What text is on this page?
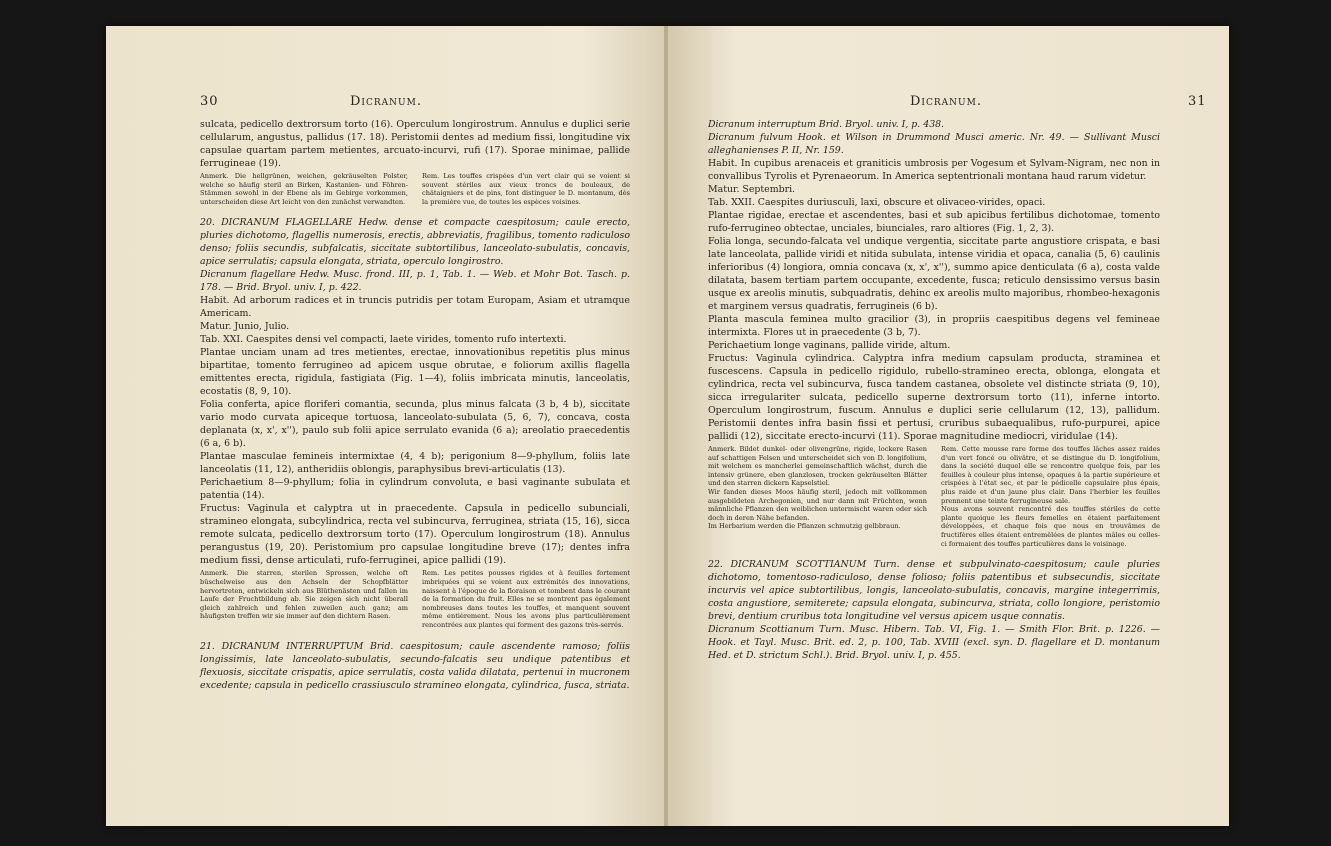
30	Dicranum.

sulcata, pedicello dextrorsum torto (16). Operculum longirostrum. Annulus e duplici serie cellularum, angustus, pallidus (17. 18). Peristomii dentes ad medium fissi, longitudine vix capsulae quartam partem metientes, arcuato-incurvi, rufi (17). Sporae minimae, pallide ferrugineae (19).

Anmerk. Die hellgrünen, weichen, gekräuselten Polster, welche so häufig steril an Birken, Kastanien- und Föhren-Stämmen sowohl in der Ebene als im Gebirge vorkommen, unterscheiden diese Art leicht von den zunächst verwandten.
Rem. Les touffes crispées d'un vert clair qui se voient si souvent stériles aux vieux troncs de bouleaux, de châtaigniers et de pins, font distinguer le D. montanum, dès la première vue, de toutes les espèces voisines.

20. DICRANUM FLAGELLARE Hedw. dense et compacte caespitosum; caule erecto, pluries dichotomo, flagellis numerosis, erectis, abbreviatis, fragilibus, tomento radiculoso denso; foliis secundis, subfalcatis, siccitate subtortilibus, lanceolato-subulatis, concavis, apice serrulatis; capsula elongata, striata, operculo longirostro.

Dicranum flagellare Hedw. Musc. frond. III, p. 1, Tab. 1. — Web. et Mohr Bot. Tasch. p. 178. — Brid. Bryol. univ. I, p. 422.

Habit. Ad arborum radices et in truncis putridis per totam Europam, Asiam et utramque Americam.

Matur. Junio, Julio.

Tab. XXI. Caespites densi vel compacti, laete virides, tomento rufo intertexti.

Plantae unciam unam ad tres metientes, erectae, innovationibus repetitis plus minus bipartitae, tomento ferrugineo ad apicem usque obrutae, e foliorum axillis flagella emittentes erecta, rigidula, fastigiata (Fig. 1—4), foliis imbricata minutis, lanceolatis, ecostatis (8, 9, 10).

Folia conferta, apice floriferi comantia, secunda, plus minus falcata (3 b, 4 b), siccitate vario modo curvata apiceque tortuosa, lanceolato-subulata (5, 6, 7), concava, costa deplanata (x, x', x''), paulo sub folii apice serrulato evanida (6 a); areolatio praecedentis (6 a, 6 b).

Plantae masculae femineis intermixtae (4, 4 b); perigonium 8—9-phyllum, foliis late lanceolatis (11, 12), antheridiis oblongis, paraphysibus brevi-articulatis (13).

Perichaetium 8—9-phyllum; folia in cylindrum convoluta, e basi vaginante subulata et patentia (14).

Fructus: Vaginula et calyptra ut in praecedente. Capsula in pedicello subunciali, stramineo elongata, subcylindrica, recta vel subincurva, ferruginea, striata (15, 16), sicca remote sulcata, pedicello dextrorsum torto (17). Operculum longirostrum (18). Annulus perangustus (19, 20). Peristomium pro capsulae longitudine breve (17); dentes infra medium fissi, dense articulati, rufo-ferruginei, apice pallidi (19).

Anmerk. Die starren, sterilen Sprossen, welche oft büschelweise aus den Achseln der Schopfblätter hervortreten, entwickeln sich aus Blüthenästen und fallen im Laufe der Fruchtbildung ab. Sie zeigen sich nicht überall gleich zahlreich und fehlen zuweilen auch ganz; am häufigsten treffen wir sie immer auf den dichtern Rasen.
Rem. Les petites pousses rigides et à feuilles fortement imbriquées qui se voient aux extrémités des innovations, naissent à l'époque de la floraison et tombent dans le courant de la formation du fruit. Elles ne se montrent pas également nombreuses dans toutes les touffes, et manquent souvent même entièrement. Nous les avons plus particulièrement rencontrées aux plantes qui forment des gazons très-serrés.

21. DICRANUM INTERRUPTUM Brid. caespitosum; caule ascendente ramoso; foliis longissimis, late lanceolato-subulatis, secundo-falcatis seu undique patentibus et flexuosis, siccitate crispatis, apice serrulatis, costa valida dilatata, pertenui in mucronem excedente; capsula in pedicello crassiusculo stramineo elongata, cylindrica, fusca, striata.

Dicranum.	31

Dicranum interruptum Brid. Bryol. univ. I, p. 438.

Dicranum fulvum Hook. et Wilson in Drummond Musci americ. Nr. 49. — Sullivant Musci alleghanienses P. II, Nr. 159.

Habit. In cupibus arenaceis et graniticis umbrosis per Vogesum et Sylvam-Nigram, nec non in convallibus Tyrolis et Pyrenaeorum. In America septentrionali montana haud rarum videtur.

Matur. Septembri.

Tab. XXII. Caespites duriusculi, laxi, obscure et olivaceo-virides, opaci.

Plantae rigidae, erectae et ascendentes, basi et sub apicibus fertilibus dichotomae, tomento rufo-ferrugineo obtectae, unciales, biunciales, raro altiores (Fig. 1, 2, 3).

Folia longa, secundo-falcata vel undique vergentia, siccitate parte angustiore crispata, e basi late lanceolata, pallide viridi et nitida subulata, intense viridia et opaca, canalia (5, 6) caulinis inferioribus (4) longiora, omnia concava (x, x', x''), summo apice denticulata (6 a), costa valde dilatata, basem tertiam partem occupante, excedente, fusca; reticulo densissimo versus basin usque ex areolis minutis, subquadratis, dehinc ex areolis multo majoribus, rhombeo-hexagonis et marginem versus quadratis, ferrugineis (6 b).

Planta mascula feminea multo gracilior (3), in propriis caespitibus degens vel femineae intermixta. Flores ut in praecedente (3 b, 7).

Perichaetium longe vaginans, pallide viride, altum.

Fructus: Vaginula cylindrica. Calyptra infra medium capsulam producta, straminea et fuscescens. Capsula in pedicello rigidulo, rubello-stramineo erecta, oblonga, elongata et cylindrica, recta vel subincurva, fusca tandem castanea, obsolete vel distincte striata (9, 10), sicca irregulariter sulcata, pedicello superne dextrorsum torto (11), inferne intorto. Operculum longirostrum, fuscum. Annulus e duplici serie cellularum (12, 13), pallidum. Peristomii dentes infra basin fissi et pertusi, cruribus subaequalibus, rufo-purpurei, apice pallidi (12), siccitate erecto-incurvi (11). Sporae magnitudine mediocri, viridulae (14).

Anmerk. Bildet dunkel- oder olivengrüne, rigide, lockere Rasen auf schattigen Felsen und unterscheidet sich von D. longifolium, mit welchem es mancherlei gemeinschaftlich wächst, durch die intensiv grünere, eben glanzlosen, trocken gekräuselten Blätter und den starren dickern Kapselstiel.
Wir fanden dieses Moos häufig steril, jedoch mit vollkommen ausgebildeten Archegonien, und nur dann mit Früchten, wenn männliche Pflanzen den weiblichen untermischt waren oder sich doch in deren Nähe befanden.
Im Herbarium werden die Pflanzen schmutzig gelbbraun.
Rem. Cette mousse rare forme des touffes lâches assez raides d'un vert foncé ou olivâtre, et se distingue du D. longifolium, dans la société duquel elle se rencontre quelque fois, par les feuilles à couleur plus intense, opaques à la partie supérieure et crispées à l'état sec, et par le pédicelle capsulaire plus épais, plus raide et d'un jaune plus clair. Dans l'herbier les feuilles prennent une teinte ferrugineuse sale.
Nous avons souvent rencontré des touffes stériles de cette plante quoique les fleurs femelles en étaient parfaitement développées, et chaque fois que nous en trouvâmes de fructifères elles étaient entremêlées de plantes mâles ou celles-ci formaient des touffes particulières dans le voisinage.

22. DICRANUM SCOTTIANUM Turn. dense et subpulvinato-caespitosum; caule pluries dichotomo, tomentoso-radiculoso, dense folioso; foliis patentibus et subsecundis, siccitate incurvis vel apice subtortilibus, longis, lanceolato-subulatis, concavis, margine integerrimis, costa angustiore, semiterete; capsula elongata, subincurva, striata, collo longiore, peristomio brevi, dentium cruribus tota longitudine vel versus apicem usque connatis.

Dicranum Scottianum Turn. Musc. Hibern. Tab. VI, Fig. 1. — Smith Flor. Brit. p. 1226. — Hook. et Tayl. Musc. Brit. ed. 2, p. 100, Tab. XVIII (excl. syn. D. flagellare et D. montanum Hed. et D. strictum Schl.). Brid. Bryol. univ. I, p. 455.
